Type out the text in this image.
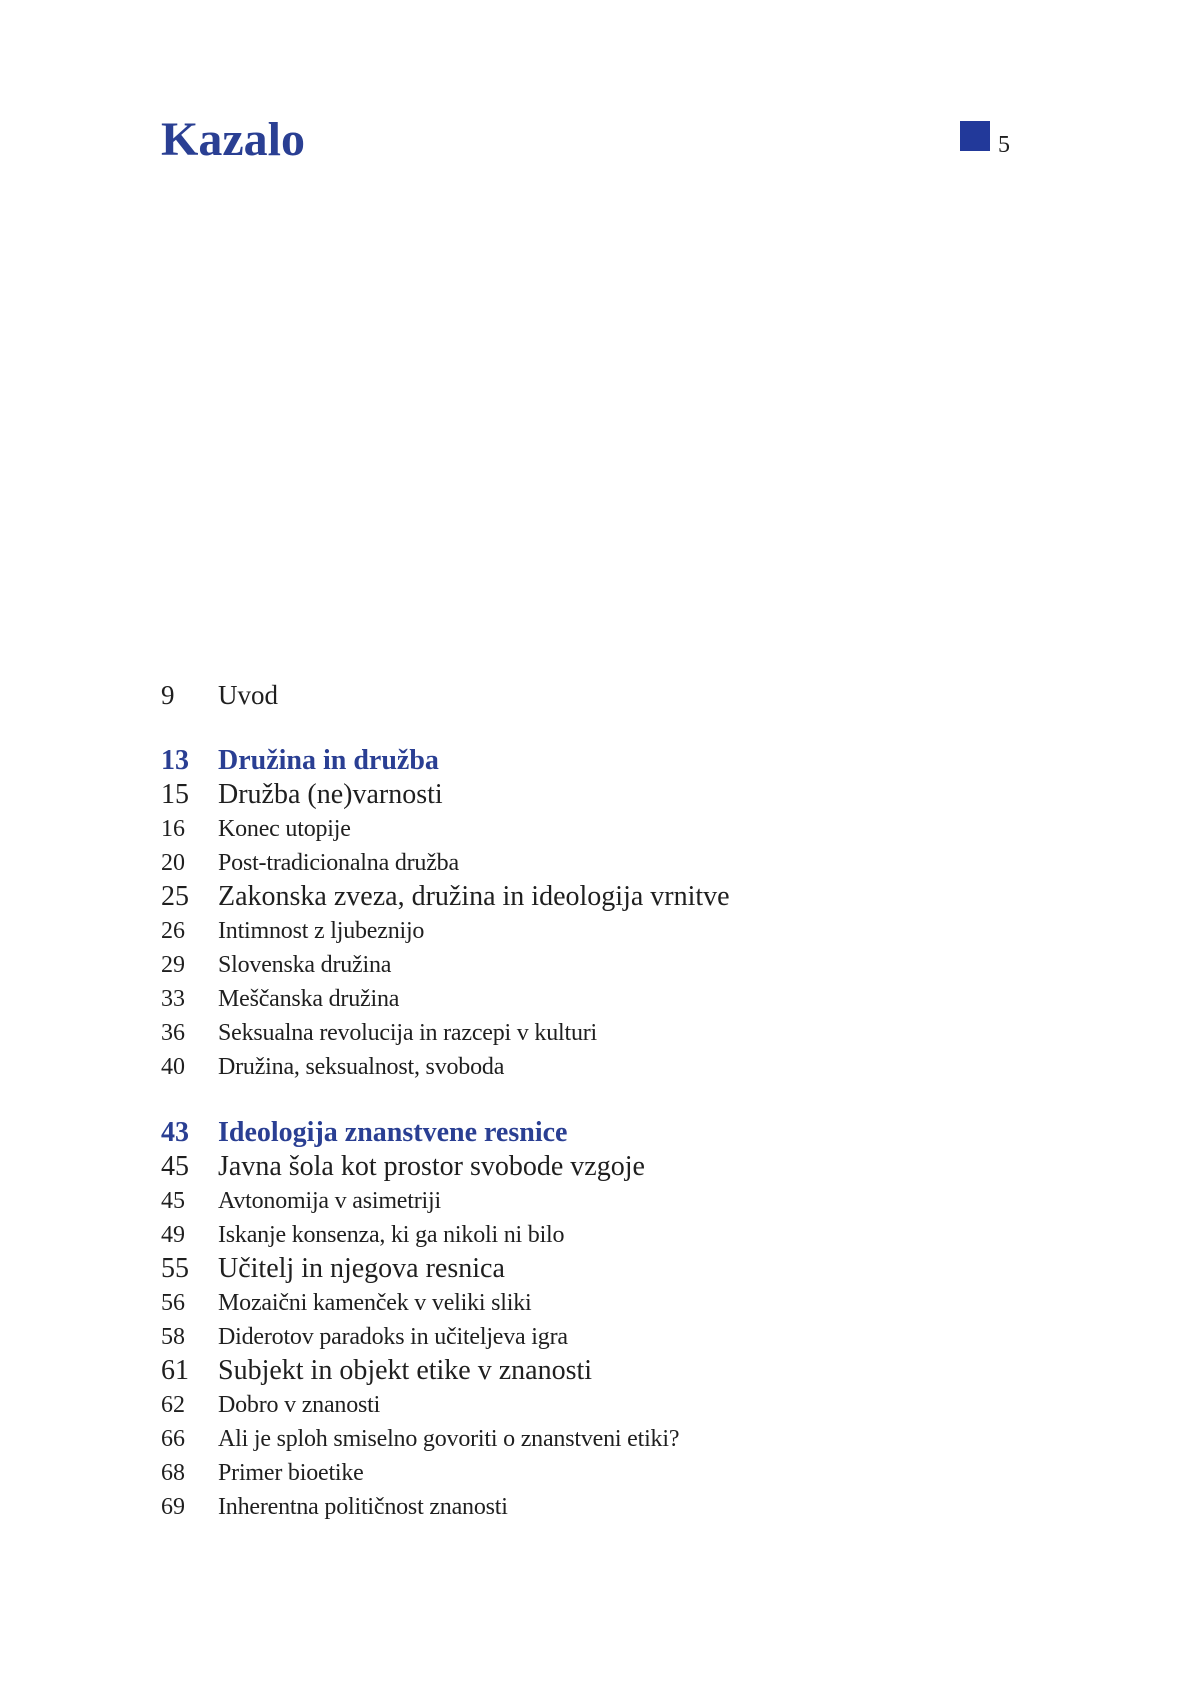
Kazalo	5
9	Uvod
13	Družina in družba
15	Družba (ne)varnosti
16	Konec utopije
20	Post-tradicionalna družba
25	Zakonska zveza, družina in ideologija vrnitve
26	Intimnost z ljubeznijo
29	Slovenska družina
33	Meščanska družina
36	Seksualna revolucija in razcepi v kulturi
40	Družina, seksualnost, svoboda
43	Ideologija znanstvene resnice
45	Javna šola kot prostor svobode vzgoje
45	Avtonomija v asimetriji
49	Iskanje konsenza, ki ga nikoli ni bilo
55	Učitelj in njegova resnica
56	Mozaični kamenček v veliki sliki
58	Diderotov paradoks in učiteljeva igra
61	Subjekt in objekt etike v znanosti
62	Dobro v znanosti
66	Ali je sploh smiselno govoriti o znanstveni etiki?
68	Primer bioetike
69	Inherentna političnost znanosti
